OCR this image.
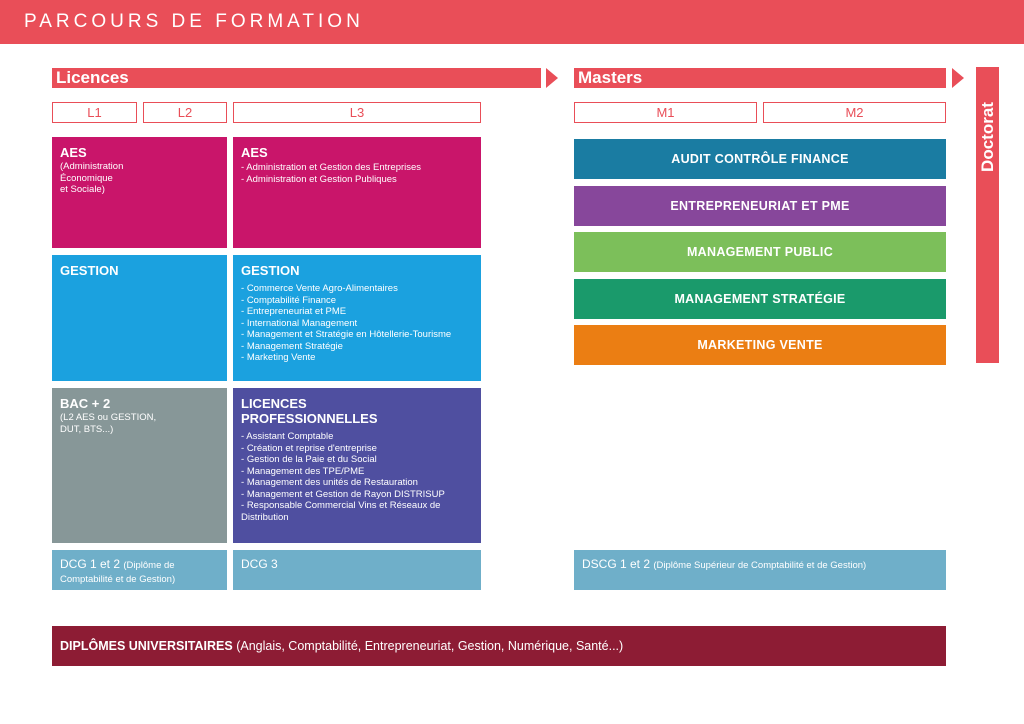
PARCOURS DE FORMATION
Licences	Masters
Doctorat
L1	L2	L3	M1	M2
AES
(Administration
Économique
et Sociale)
GESTION
BAC + 2
(L2 AES ou GESTION,
DUT, BTS...)
AES
- Administration et Gestion des Entreprises
- Administration et Gestion Publiques
GESTION
- Commerce Vente Agro-Alimentaires
- Comptabilité Finance
- Entrepreneuriat et PME
- International Management
- Management et Stratégie en Hôtellerie-Tourisme
- Management Stratégie
- Marketing Vente
LICENCES
PROFESSIONNELLES
- Assistant Comptable
- Création et reprise d'entreprise
- Gestion de la Paie et du Social
- Management des TPE/PME
- Management des unités de Restauration
- Management et Gestion de Rayon DISTRISUP
- Responsable Commercial Vins et Réseaux de Distribution
AUDIT CONTRÔLE FINANCE
ENTREPRENEURIAT ET PME
MANAGEMENT PUBLIC
MANAGEMENT STRATÉGIE
MARKETING VENTE
DCG 1 et 2 (Diplôme de Comptabilité et de Gestion)
DCG 3	DSCG 1 et 2 (Diplôme Supérieur de Comptabilité et de Gestion)
DIPLÔMES UNIVERSITAIRES (Anglais, Comptabilité, Entrepreneuriat, Gestion, Numérique, Santé...)
